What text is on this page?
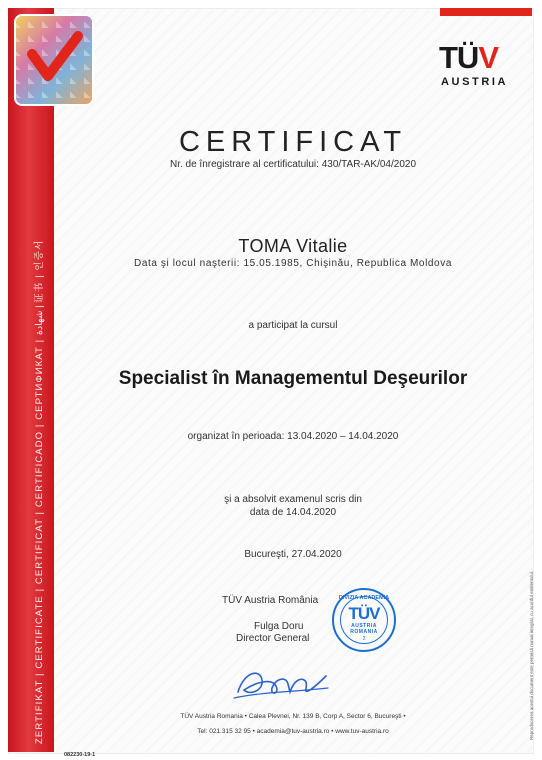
ZERTIFIKAT | CERTIFICATE | CERTIFICAT | CERTIFICADO | СЕРТИФИКАТ | شهادة | 证书 | 인증서
TÜV
AUSTRIA
CERTIFICAT
Nr. de înregistrare al certificatului: 430/TAR-AK/04/2020
TOMA Vitalie
Data şi locul naşterii: 15.05.1985, Chişinău, Republica Moldova
a participat la cursul
Specialist în Managementul Deşeurilor
organizat în perioada: 13.04.2020 – 14.04.2020
şi a absolvit examenul scris din
data de 14.04.2020
Bucureşti, 27.04.2020
TÜV Austria România
Fulga Doru
Director General
DIVIZIA ACADEMIA
TÜV
AUSTRIA
ROMANIA
2
TÜV Austria Romania • Calea Plevnei, Nr. 139 B, Corp A, Sector 6, Bucureşti •
Tel: 021.315 32 95 • academia@tuv-austria.ro • www.tuv-austria.ro
082230-19-1
Reproducerea acestui document este permisă numai integral, cu acordul emitentului.
